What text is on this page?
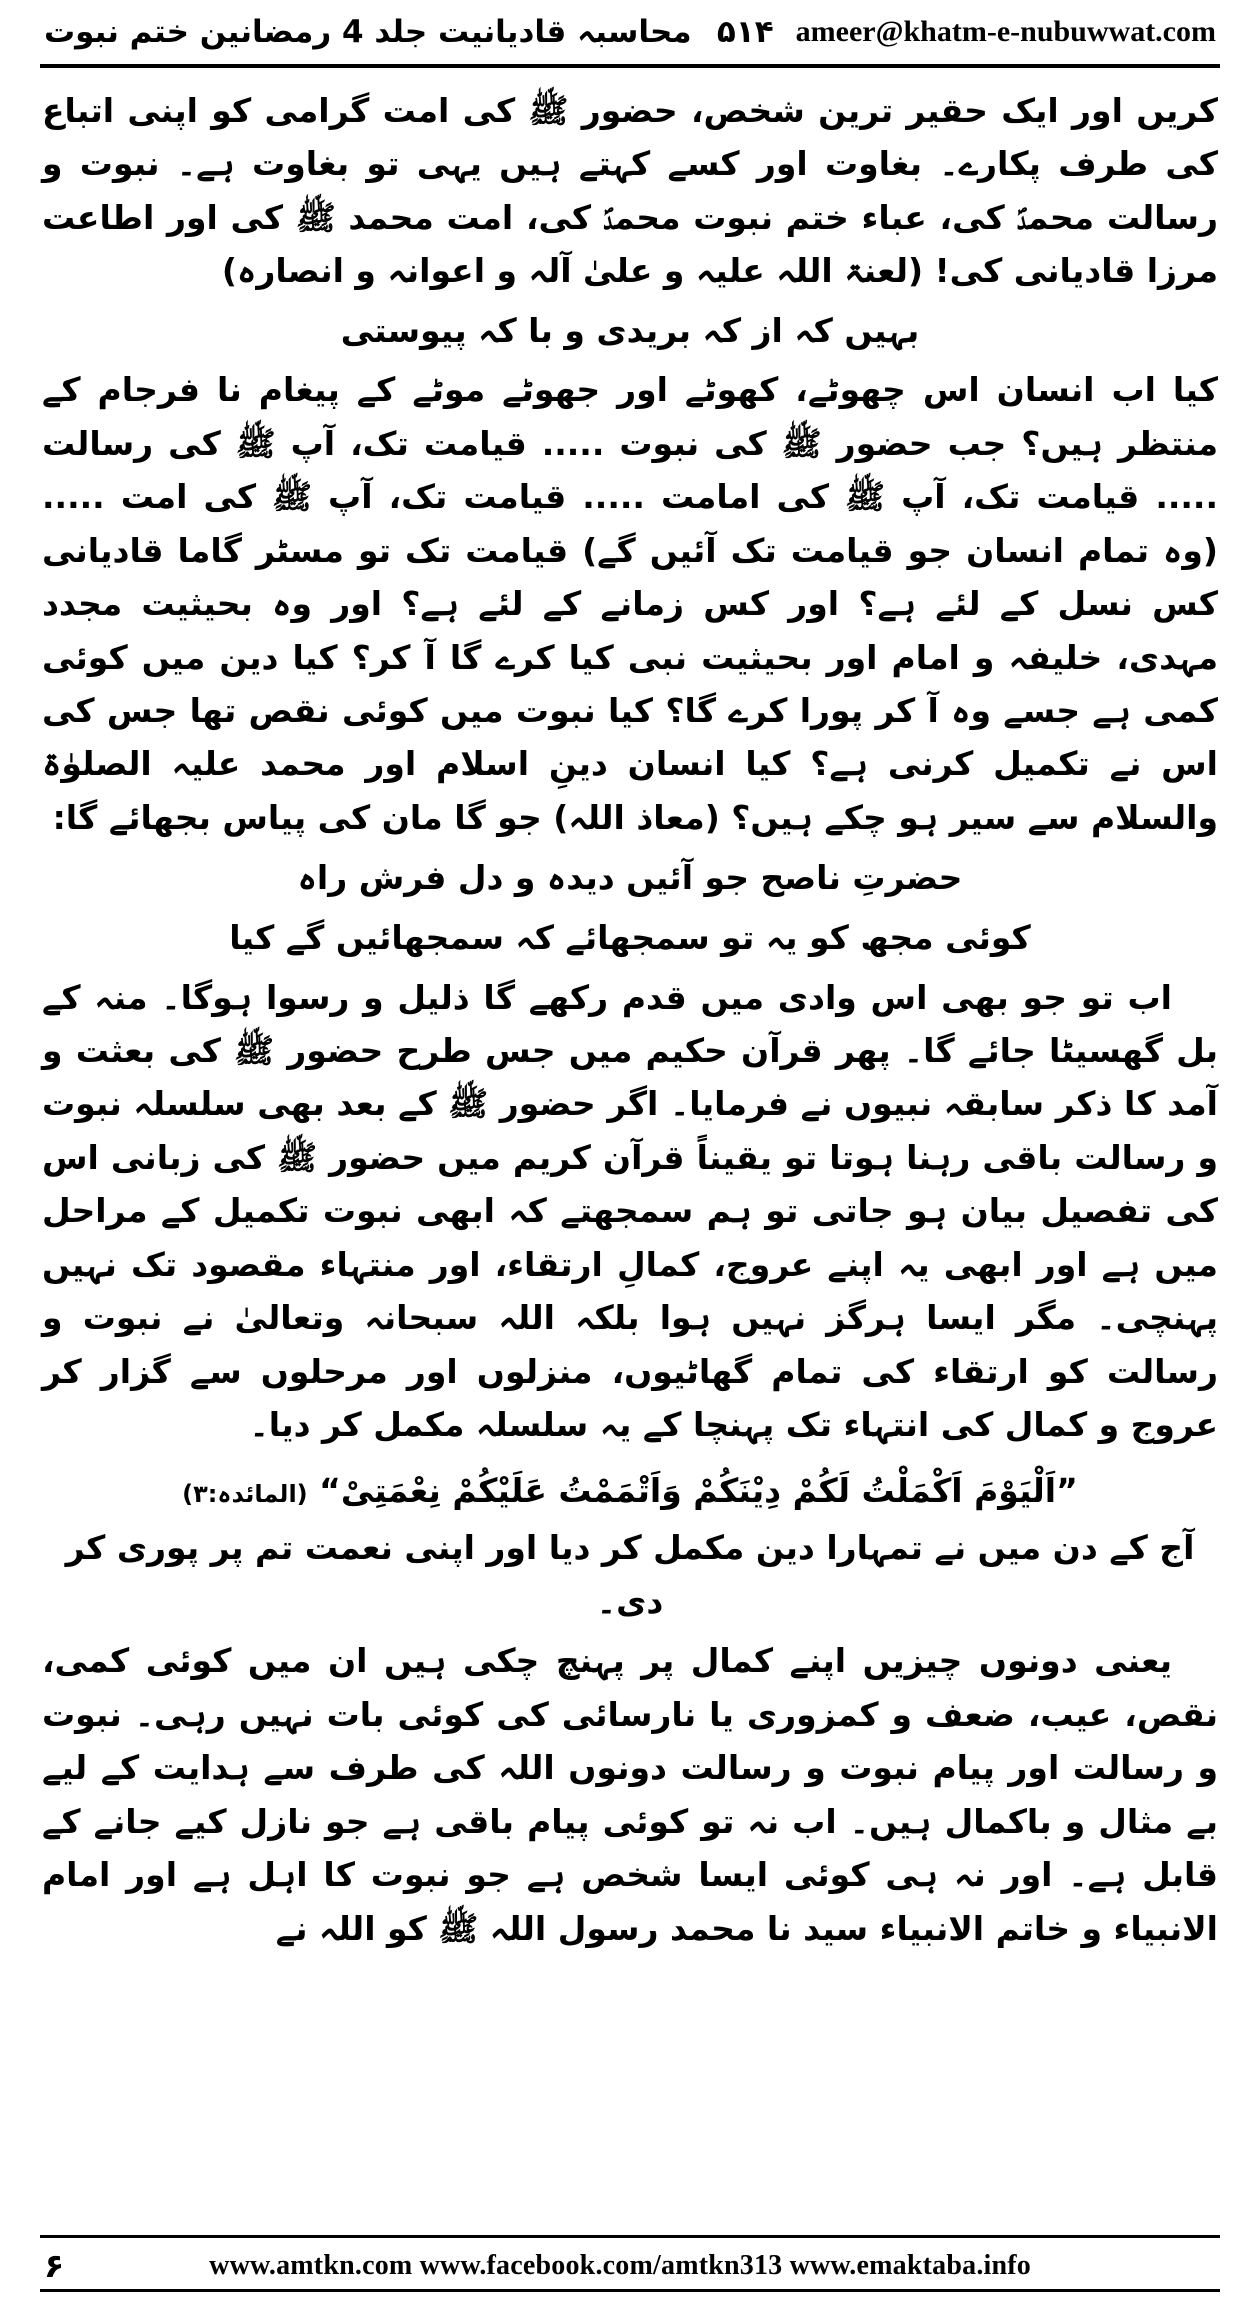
محاسبہ قادیانیت جلد 4 رمضانین ختم نبوت ۵۱۴ ameer@khatm-e-nubuwwat.com

کریں اور ایک حقیر ترین شخص، حضور ﷺ کی امت گرامی کو اپنی اتباع کی طرف پکارے۔ بغاوت اور کسے کہتے ہیں یہی تو بغاوت ہے۔ نبوت و رسالت محمدؐ کی، عباء ختم نبوت محمدؐ کی، امت محمد ﷺ کی اور اطاعت مرزا قادیانی کی! (لعنۃ اللہ علیہ و علیٰ آلہ و اعوانہ و انصارہ)

بہیں کہ از کہ بریدی و با کہ پیوستی

کیا اب انسان اس چھوٹے، کھوٹے اور جھوٹے موٹے کے پیغام نا فرجام کے منتظر ہیں؟ جب حضور ﷺ کی نبوت ..... قیامت تک، آپ ﷺ کی رسالت ..... قیامت تک، آپ ﷺ کی امامت ..... قیامت تک، آپ ﷺ کی امت ..... (وہ تمام انسان جو قیامت تک آئیں گے) قیامت تک تو مسٹر گاما قادیانی کس نسل کے لئے ہے؟ اور کس زمانے کے لئے ہے؟ اور وہ بحیثیت مجدد مہدی، خلیفہ و امام اور بحیثیت نبی کیا کرے گا آ کر؟ کیا دین میں کوئی کمی ہے جسے وہ آ کر پورا کرے گا؟ کیا نبوت میں کوئی نقص تھا جس کی اس نے تکمیل کرنی ہے؟ کیا انسان دینِ اسلام اور محمد علیہ الصلوٰۃ والسلام سے سیر ہو چکے ہیں؟ (معاذ اللہ) جو گا مان کی پیاس بجھائے گا:

حضرتِ ناصح جو آئیں دیدہ و دل فرش راہ

کوئی مجھ کو یہ تو سمجھائے کہ سمجھائیں گے کیا

اب تو جو بھی اس وادی میں قدم رکھے گا ذلیل و رسوا ہوگا۔ منہ کے بل گھسیٹا جائے گا۔ پھر قرآن حکیم میں جس طرح حضور ﷺ کی بعثت و آمد کا ذکر سابقہ نبیوں نے فرمایا۔ اگر حضور ﷺ کے بعد بھی سلسلہ نبوت و رسالت باقی رہنا ہوتا تو یقیناً قرآن کریم میں حضور ﷺ کی زبانی اس کی تفصیل بیان ہو جاتی تو ہم سمجھتے کہ ابھی نبوت تکمیل کے مراحل میں ہے اور ابھی یہ اپنے عروج، کمالِ ارتقاء، اور منتہاء مقصود تک نہیں پہنچی۔ مگر ایسا ہرگز نہیں ہوا بلکہ اللہ سبحانہ وتعالیٰ نے نبوت و رسالت کو ارتقاء کی تمام گھاٹیوں، منزلوں اور مرحلوں سے گزار کر عروج و کمال کی انتہاء تک پہنچا کے یہ سلسلہ مکمل کر دیا۔

”اَلْیَوْمَ اَکْمَلْتُ لَکُمْ دِیْنَکُمْ وَاَتْمَمْتُ عَلَیْکُمْ نِعْمَتِیْ“ (المائدہ:۳)

آج کے دن میں نے تمہارا دین مکمل کر دیا اور اپنی نعمت تم پر پوری کر دی۔

یعنی دونوں چیزیں اپنے کمال پر پہنچ چکی ہیں ان میں کوئی کمی، نقص، عیب، ضعف و کمزوری یا نارسائی کی کوئی بات نہیں رہی۔ نبوت و رسالت اور پیام نبوت و رسالت دونوں اللہ کی طرف سے ہدایت کے لیے بے مثال و باکمال ہیں۔ اب نہ تو کوئی پیام باقی ہے جو نازل کیے جانے کے قابل ہے۔ اور نہ ہی کوئی ایسا شخص ہے جو نبوت کا اہل ہے اور امام الانبیاء و خاتم الانبیاء سید نا محمد رسول اللہ ﷺ کو اللہ نے

۶	www.amtkn.com www.facebook.com/amtkn313 www.emaktaba.info
